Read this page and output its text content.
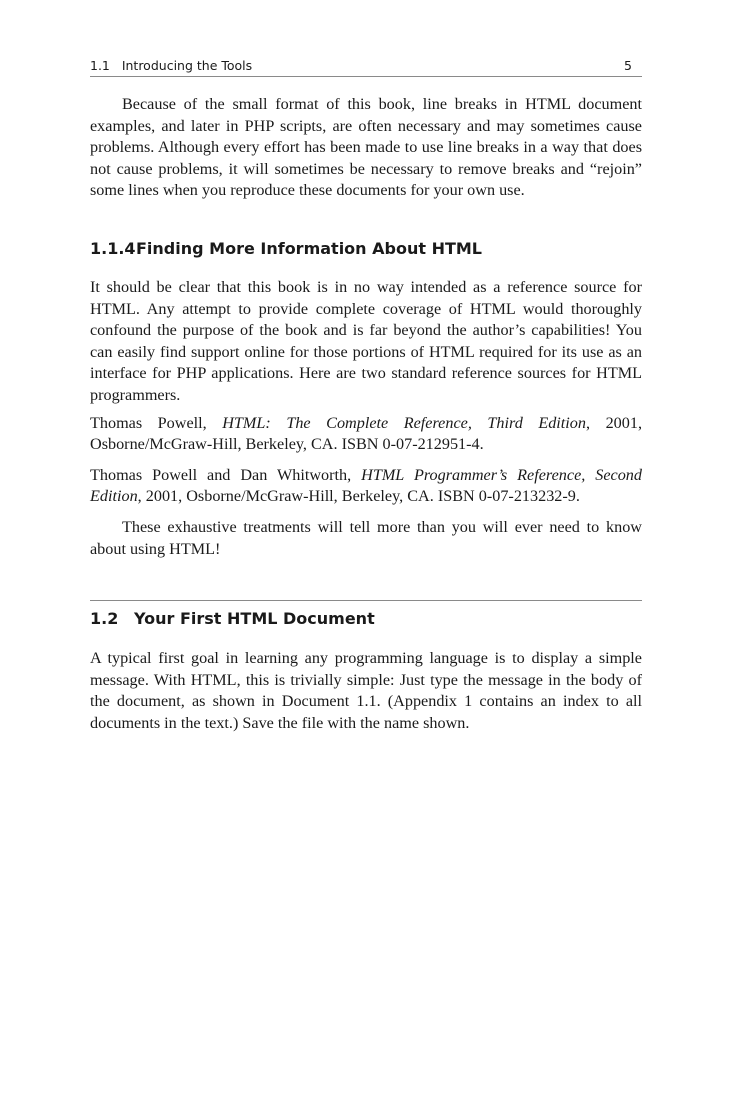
1.1 Introducing the Tools	5

Because of the small format of this book, line breaks in HTML document examples, and later in PHP scripts, are often necessary and may sometimes cause problems. Although every effort has been made to use line breaks in a way that does not cause problems, it will sometimes be necessary to remove breaks and “rejoin” some lines when you reproduce these documents for your own use.

1.1.4Finding More Information About HTML

It should be clear that this book is in no way intended as a reference source for HTML. Any attempt to provide complete coverage of HTML would thoroughly confound the purpose of the book and is far beyond the author’s capabilities! You can easily find support online for those portions of HTML required for its use as an interface for PHP applications. Here are two standard reference sources for HTML programmers.

Thomas Powell, HTML: The Complete Reference, Third Edition, 2001, Osborne/McGraw-Hill, Berkeley, CA. ISBN 0-07-212951-4.

Thomas Powell and Dan Whitworth, HTML Programmer’s Reference, Second Edition, 2001, Osborne/McGraw-Hill, Berkeley, CA. ISBN 0-07-213232-9.

These exhaustive treatments will tell more than you will ever need to know about using HTML!

1.2 Your First HTML Document

A typical first goal in learning any programming language is to display a simple message. With HTML, this is trivially simple: Just type the message in the body of the document, as shown in Document 1.1. (Appendix 1 contains an index to all documents in the text.) Save the file with the name shown.
